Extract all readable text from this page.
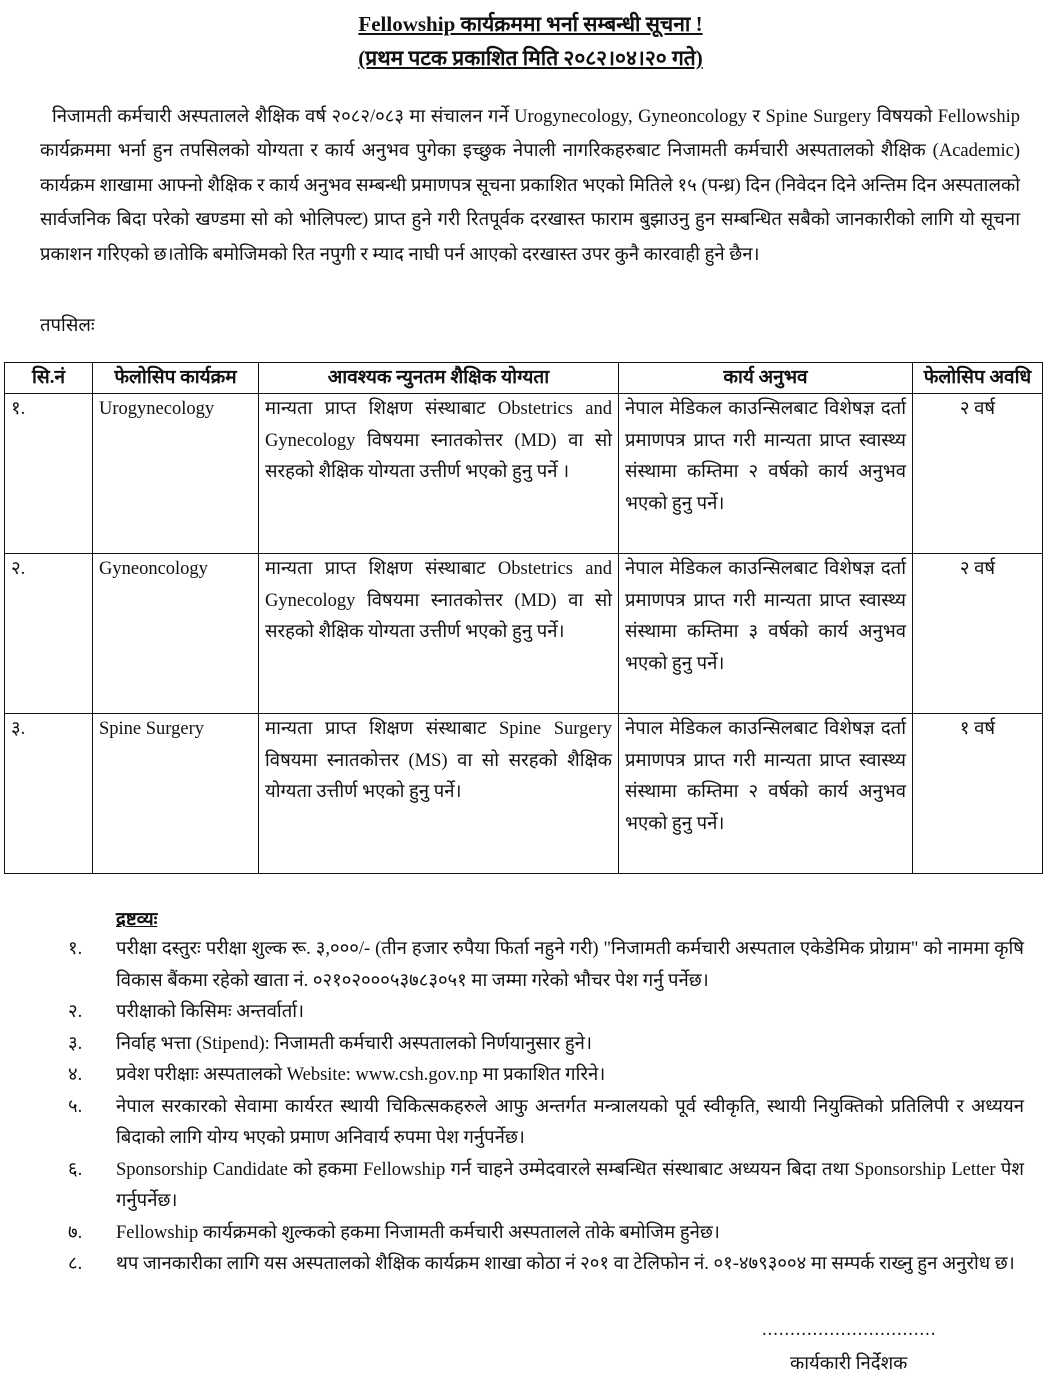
Fellowship कार्यक्रममा भर्ना सम्बन्धी सूचना !
(प्रथम पटक प्रकाशित मिति २०८२।०४।२० गते)
निजामती कर्मचारी अस्पतालले शैक्षिक वर्ष २०८२/०८३ मा संचालन गर्ने Urogynecology, Gyneoncology र Spine Surgery विषयको Fellowship कार्यक्रममा भर्ना हुन तपसिलको योग्यता र कार्य अनुभव पुगेका इच्छुक नेपाली नागरिकहरुबाट निजामती कर्मचारी अस्पतालको शैक्षिक (Academic) कार्यक्रम शाखामा आफ्नो शैक्षिक र कार्य अनुभव सम्बन्धी प्रमाणपत्र सूचना प्रकाशित भएको मितिले १५ (पन्ध्र) दिन (निवेदन दिने अन्तिम दिन अस्पतालको सार्वजनिक बिदा परेको खण्डमा सो को भोलिपल्ट) प्राप्त हुने गरी रितपूर्वक दरखास्त फाराम बुझाउनु हुन सम्बन्धित सबैको जानकारीको लागि यो सूचना प्रकाशन गरिएको छ।तोकि बमोजिमको रित नपुगी र म्याद नाघी पर्न आएको दरखास्त उपर कुनै कारवाही हुने छैन।
तपसिलः
सि.नं	फेलोसिप कार्यक्रम	आवश्यक न्युनतम शैक्षिक योग्यता	कार्य अनुभव	फेलोसिप अवधि
१.	Urogynecology	मान्यता प्राप्त शिक्षण संस्थाबाट Obstetrics and Gynecology विषयमा स्नातकोत्तर (MD) वा सो सरहको शैक्षिक योग्यता उत्तीर्ण भएको हुनु पर्ने ।	नेपाल मेडिकल काउन्सिलबाट विशेषज्ञ दर्ता प्रमाणपत्र प्राप्त गरी मान्यता प्राप्त स्वास्थ्य संस्थामा कम्तिमा २ वर्षको कार्य अनुभव भएको हुनु पर्ने।	२ वर्ष
२.	Gyneoncology	मान्यता प्राप्त शिक्षण संस्थाबाट Obstetrics and Gynecology विषयमा स्नातकोत्तर (MD) वा सो सरहको शैक्षिक योग्यता उत्तीर्ण भएको हुनु पर्ने।	नेपाल मेडिकल काउन्सिलबाट विशेषज्ञ दर्ता प्रमाणपत्र प्राप्त गरी मान्यता प्राप्त स्वास्थ्य संस्थामा कम्तिमा ३ वर्षको कार्य अनुभव भएको हुनु पर्ने।	२ वर्ष
३.	Spine Surgery	मान्यता प्राप्त शिक्षण संस्थाबाट Spine Surgery विषयमा स्नातकोत्तर (MS) वा सो सरहको शैक्षिक योग्यता उत्तीर्ण भएको हुनु पर्ने।	नेपाल मेडिकल काउन्सिलबाट विशेषज्ञ दर्ता प्रमाणपत्र प्राप्त गरी मान्यता प्राप्त स्वास्थ्य संस्थामा कम्तिमा २ वर्षको कार्य अनुभव भएको हुनु पर्ने।	१ वर्ष
द्रष्टव्यः
१.	परीक्षा दस्तुरः परीक्षा शुल्क रू. ३,०००/- (तीन हजार रुपैया फिर्ता नहुने गरी) "निजामती कर्मचारी अस्पताल एकेडेमिक प्रोग्राम" को नाममा कृषि विकास बैंकमा रहेको खाता नं. ०२१०२०००५३७८३०५१ मा जम्मा गरेको भौचर पेश गर्नु पर्नेछ।
२.	परीक्षाको किसिमः अन्तर्वार्ता।
३.	निर्वाह भत्ता (Stipend): निजामती कर्मचारी अस्पतालको निर्णयानुसार हुने।
४.	प्रवेश परीक्षाः अस्पतालको Website: www.csh.gov.np मा प्रकाशित गरिने।
५.	नेपाल सरकारको सेवामा कार्यरत स्थायी चिकित्सकहरुले आफु अन्तर्गत मन्त्रालयको पूर्व स्वीकृति, स्थायी नियुक्तिको प्रतिलिपी र अध्ययन बिदाको लागि योग्य भएको प्रमाण अनिवार्य रुपमा पेश गर्नुपर्नेछ।
६.	Sponsorship Candidate को हकमा Fellowship गर्न चाहने उम्मेदवारले सम्बन्धित संस्थाबाट अध्ययन बिदा तथा Sponsorship Letter पेश गर्नुपर्नेछ।
७.	Fellowship कार्यक्रमको शुल्कको हकमा निजामती कर्मचारी अस्पतालले तोके बमोजिम हुनेछ।
८.	थप जानकारीका लागि यस अस्पतालको शैक्षिक कार्यक्रम शाखा कोठा नं २०१ वा टेलिफोन नं. ०१-४७९३००४ मा सम्पर्क राख्नु हुन अनुरोध छ।
...............................
कार्यकारी निर्देशक
